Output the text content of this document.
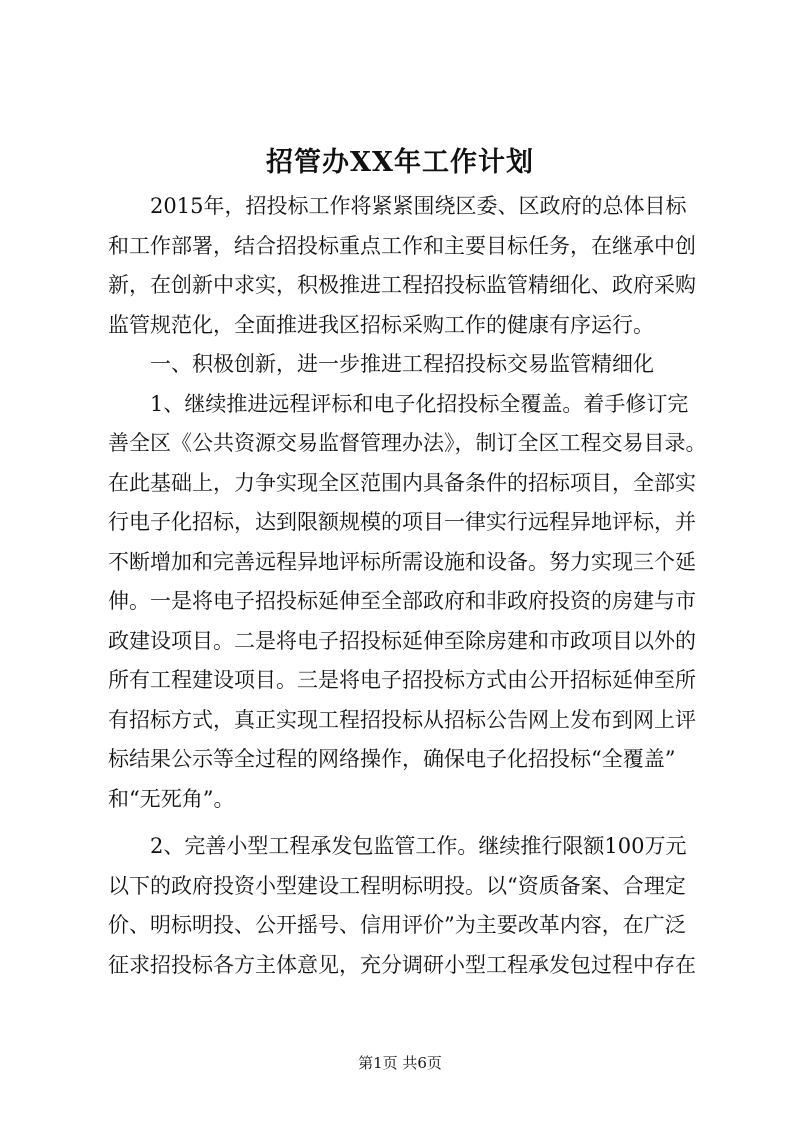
招管办XX年工作计划
2015年，招投标工作将紧紧围绕区委、区政府的总体目标
和工作部署，结合招投标重点工作和主要目标任务，在继承中创
新，在创新中求实，积极推进工程招投标监管精细化、政府采购
监管规范化，全面推进我区招标采购工作的健康有序运行。
一、积极创新，进一步推进工程招投标交易监管精细化
1、继续推进远程评标和电子化招投标全覆盖。着手修订完
善全区《公共资源交易监督管理办法》，制订全区工程交易目录。
在此基础上，力争实现全区范围内具备条件的招标项目，全部实
行电子化招标，达到限额规模的项目一律实行远程异地评标，并
不断增加和完善远程异地评标所需设施和设备。努力实现三个延
伸。一是将电子招投标延伸至全部政府和非政府投资的房建与市
政建设项目。二是将电子招投标延伸至除房建和市政项目以外的
所有工程建设项目。三是将电子招投标方式由公开招标延伸至所
有招标方式，真正实现工程招投标从招标公告网上发布到网上评
标结果公示等全过程的网络操作，确保电子化招投标“全覆盖”
和“无死角”。
2、完善小型工程承发包监管工作。继续推行限额100万元
以下的政府投资小型建设工程明标明投。以“资质备案、合理定
价、明标明投、公开摇号、信用评价”为主要改革内容，在广泛
征求招投标各方主体意见，充分调研小型工程承发包过程中存在
第1页 共6页
